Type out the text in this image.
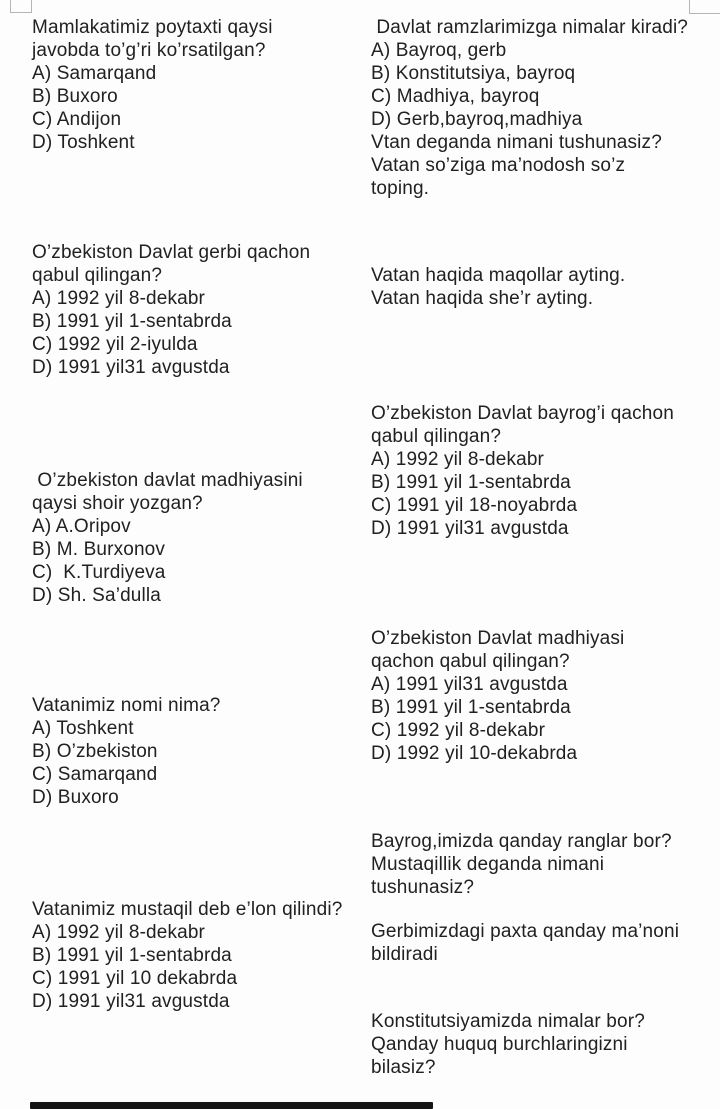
Mamlakatimiz poytaxti qaysi

javobda to’g’ri ko’rsatilgan?

A) Samarqand

B) Buxoro

C) Andijon

D) Toshkent

O’zbekiston Davlat gerbi qachon

qabul qilingan?

A) 1992 yil 8-dekabr

B) 1991 yil 1-sentabrda

C) 1992 yil 2-iyulda

D) 1991 yil31 avgustda

O’zbekiston davlat madhiyasini

qaysi shoir yozgan?

A) A.Oripov

B) M. Burxonov

C)  K.Turdiyeva

D) Sh. Sa’dulla

Vatanimiz nomi nima?

A) Toshkent

B) O’zbekiston

C) Samarqand

D) Buxoro

Vatanimiz mustaqil deb e’lon qilindi?

A) 1992 yil 8-dekabr

B) 1991 yil 1-sentabrda

C) 1991 yil 10 dekabrda

D) 1991 yil31 avgustda

Davlat ramzlarimizga nimalar kiradi?

A) Bayroq, gerb

B) Konstitutsiya, bayroq

C) Madhiya, bayroq

D) Gerb,bayroq,madhiya

Vtan deganda nimani tushunasiz?

Vatan so’ziga ma’nodosh so’z

toping.

Vatan haqida maqollar ayting.

Vatan haqida she’r ayting.

O’zbekiston Davlat bayrog’i qachon

qabul qilingan?

A) 1992 yil 8-dekabr

B) 1991 yil 1-sentabrda

C) 1991 yil 18-noyabrda

D) 1991 yil31 avgustda

O’zbekiston Davlat madhiyasi

qachon qabul qilingan?

A) 1991 yil31 avgustda

B) 1991 yil 1-sentabrda

C) 1992 yil 8-dekabr

D) 1992 yil 10-dekabrda

Bayrog,imizda qanday ranglar bor?

Mustaqillik deganda nimani

tushunasiz?

Gerbimizdagi paxta qanday ma’noni

bildiradi

Konstitutsiyamizda nimalar bor?

Qanday huquq burchlaringizni

bilasiz?
